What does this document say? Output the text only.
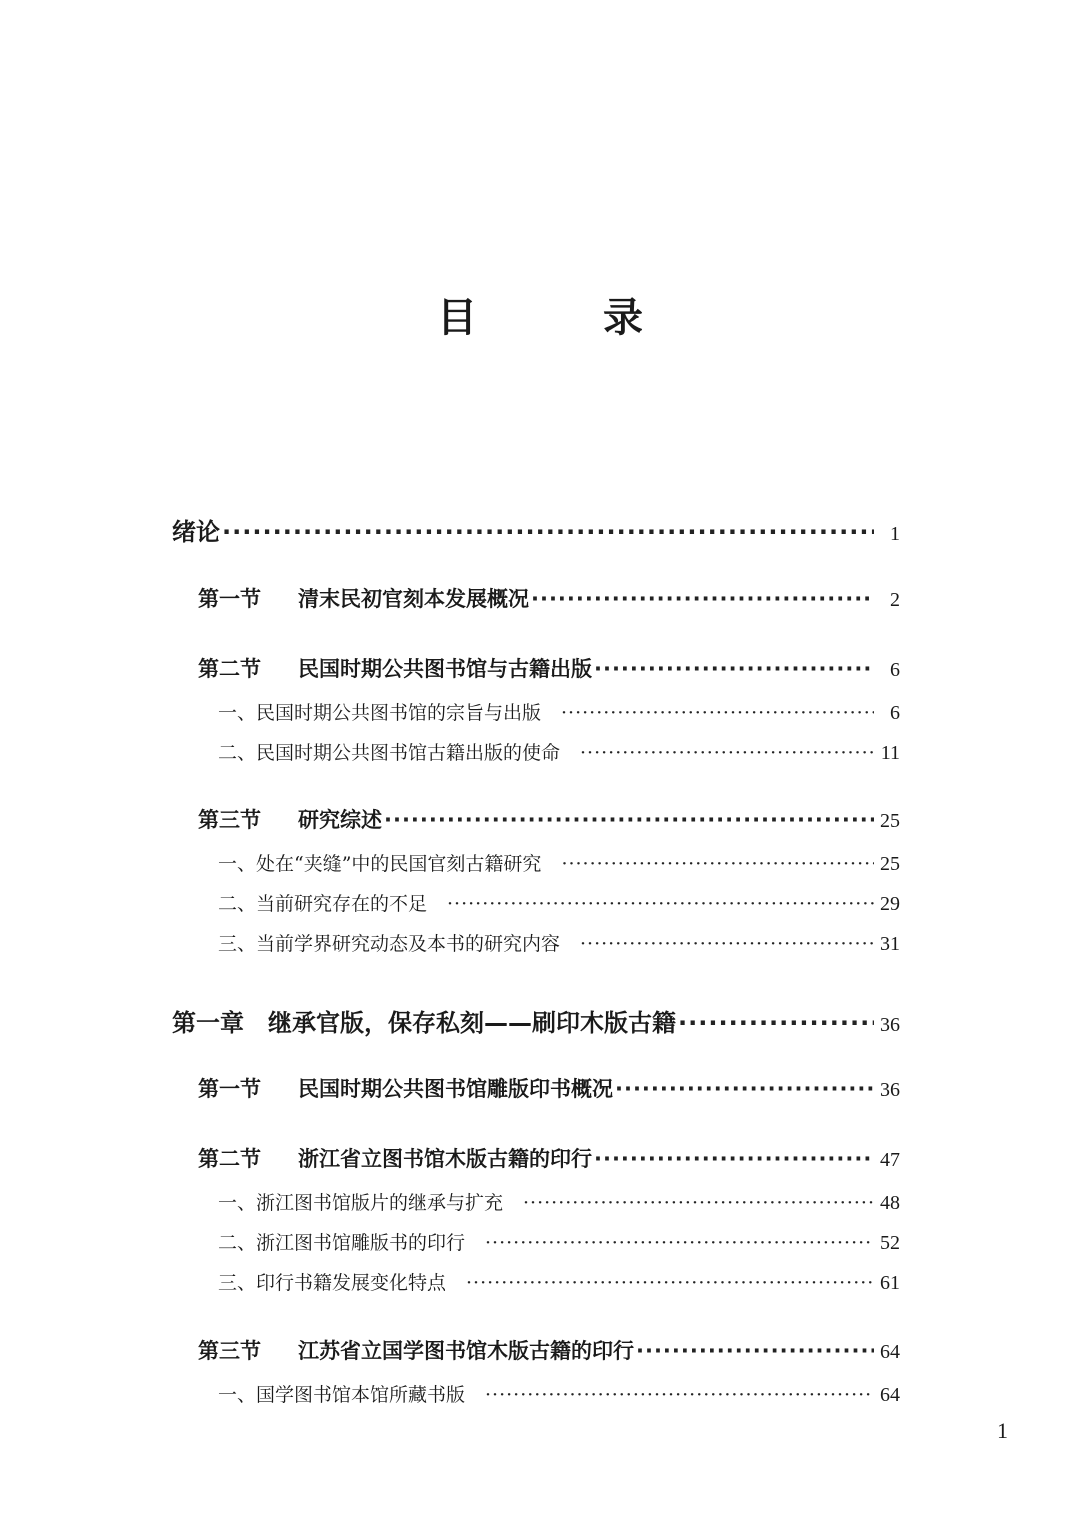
目 录
绪论 ·····	1
第一节 清末民初官刻本发展概况 ·····	2
第二节 民国时期公共图书馆与古籍出版 ·····	6
一、民国时期公共图书馆的宗旨与出版 ·····	6
二、民国时期公共图书馆古籍出版的使命 ·····	11
第三节 研究综述 ·····	25
一、处在“夹缝”中的民国官刻古籍研究 ·····	25
二、当前研究存在的不足 ·····	29
三、当前学界研究动态及本书的研究内容 ·····	31
第一章　继承官版，保存私刻——刷印木版古籍 ·····	36
第一节 民国时期公共图书馆雕版印书概况 ·····	36
第二节 浙江省立图书馆木版古籍的印行 ·····	47
一、浙江图书馆版片的继承与扩充 ·····	48
二、浙江图书馆雕版书的印行 ·····	52
三、印行书籍发展变化特点 ·····	61
第三节 江苏省立国学图书馆木版古籍的印行 ·····	64
一、国学图书馆本馆所藏书版 ·····	64
1
